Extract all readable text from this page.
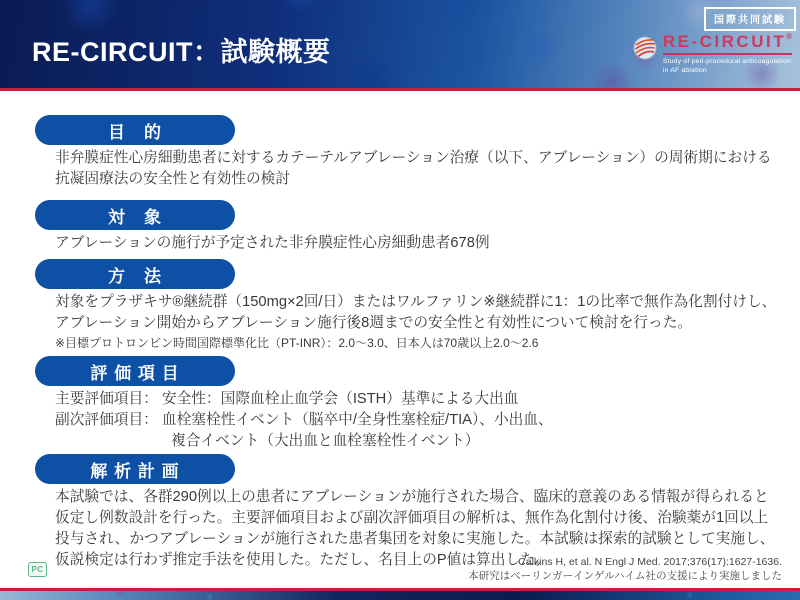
RE-CIRCUIT：試験概要
国際共同試験
RE-CIRCUIT ®
Study of peri-procedural anticoagulation
in AF ablation
目　的
非弁膜症性心房細動患者に対するカテーテルアブレーション治療（以下、アブレーション）の周術期における
抗凝固療法の安全性と有効性の検討
対　象
アブレーションの施行が予定された非弁膜症性心房細動患者678例
方　法
対象をプラザキサ®継続群（150mg×2回/日）またはワルファリン※継続群に1：1の比率で無作為化割付けし、
アブレーション開始からアブレーション施行後8週までの安全性と有効性について検討を行った。
※目標プロトロンビン時間国際標準化比（PT-INR）：2.0〜3.0、日本人は70歳以上2.0〜2.6
評 価 項 目
主要評価項目： 安全性：国際血栓止血学会（ISTH）基準による大出血
副次評価項目： 血栓塞栓性イベント（脳卒中/全身性塞栓症/TIA）、小出血、
複合イベント（大出血と血栓塞栓性イベント）
解 析 計 画
本試験では、各群290例以上の患者にアブレーションが施行された場合、臨床的意義のある情報が得られると
仮定し例数設計を行った。主要評価項目および副次評価項目の解析は、無作為化割付け後、治験薬が1回以上
投与され、かつアブレーションが施行された患者集団を対象に実施した。本試験は探索的試験として実施し、
仮説検定は行わず推定手法を使用した。ただし、名目上のP値は算出した。
Calkins H, et al. N Engl J Med. 2017;376(17):1627-1636.
本研究はベーリンガーインゲルハイム社の支援により実施しました
PC
